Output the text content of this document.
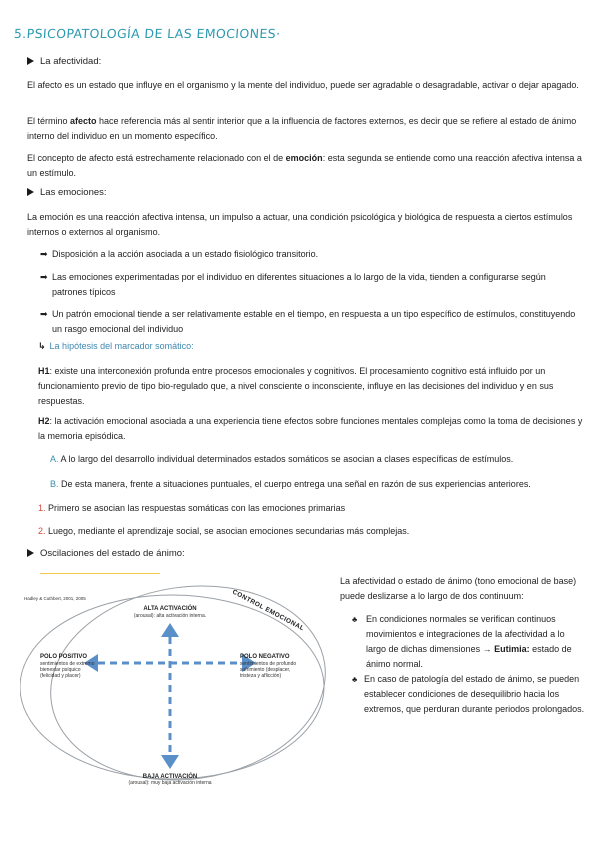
5.PSICOPATOLOGÍA DE LAS EMOCIONES·
La afectividad:
El afecto es un estado que influye en el organismo y la mente del individuo, puede ser agradable o desagradable, activar o dejar apagado.
El término afecto hace referencia más al sentir interior que a la influencia de factores externos, es decir que se refiere al estado de ánimo interno del individuo en un momento específico.
El concepto de afecto está estrechamente relacionado con el de emoción: esta segunda se entiende como una reacción afectiva intensa a un estímulo.
Las emociones:
La emoción es una reacción afectiva intensa, un impulso a actuar, una condición psicológica y biológica de respuesta a ciertos estímulos internos o externos al organismo.
➡ Disposición a la acción asociada a un estado fisiológico transitorio.
➡ Las emociones experimentadas por el individuo en diferentes situaciones a lo largo de la vida, tienden a configurarse según patrones típicos
➡ Un patrón emocional tiende a ser relativamente estable en el tiempo, en respuesta a un tipo específico de estímulos, constituyendo un rasgo emocional del individuo
↳ La hipótesis del marcador somático:
H1: existe una interconexión profunda entre procesos emocionales y cognitivos. El procesamiento cognitivo está influido por un funcionamiento previo de tipo bio-regulado que, a nivel consciente o inconsciente, influye en las decisiones del individuo y en sus respuestas.
H2: la activación emocional asociada a una experiencia tiene efectos sobre funciones mentales complejas como la toma de decisiones y la memoria episódica.
A. A lo largo del desarrollo individual determinados estados somáticos se asocian a clases específicas de estímulos.
B. De esta manera, frente a situaciones puntuales, el cuerpo entrega una señal en razón de sus experiencias anteriores.
1. Primero se asocian las respuestas somáticas con las emociones primarias
2. Luego, mediante el aprendizaje social, se asocian emociones secundarias más complejas.
Oscilaciones del estado de ánimo:
Hadley & Cuthbert, 2001, 2005	CONTROL EMOCIONAL
ALTA ACTIVACIÓN
(arousal): alta activación interna.
BAJA ACTIVACIÓN
(arousal): muy baja activación interna
POLO POSITIVO
sentimientos de extremo
bienestar psíquico
(felicidad y placer)
POLO NEGATIVO
sentimientos de profundo
sufrimiento (desplacer,
tristeza y aflicción)
La afectividad o estado de ánimo (tono emocional de base) puede deslizarse a lo largo de dos continuum:
♣ En condiciones normales se verifican continuos movimientos e integraciones de la afectividad a lo largo de dichas dimensiones → Eutimia: estado de ánimo normal.
♣ En caso de patología del estado de ánimo, se pueden establecer condiciones de desequilibrio hacia los extremos, que perduran durante periodos prolongados.
